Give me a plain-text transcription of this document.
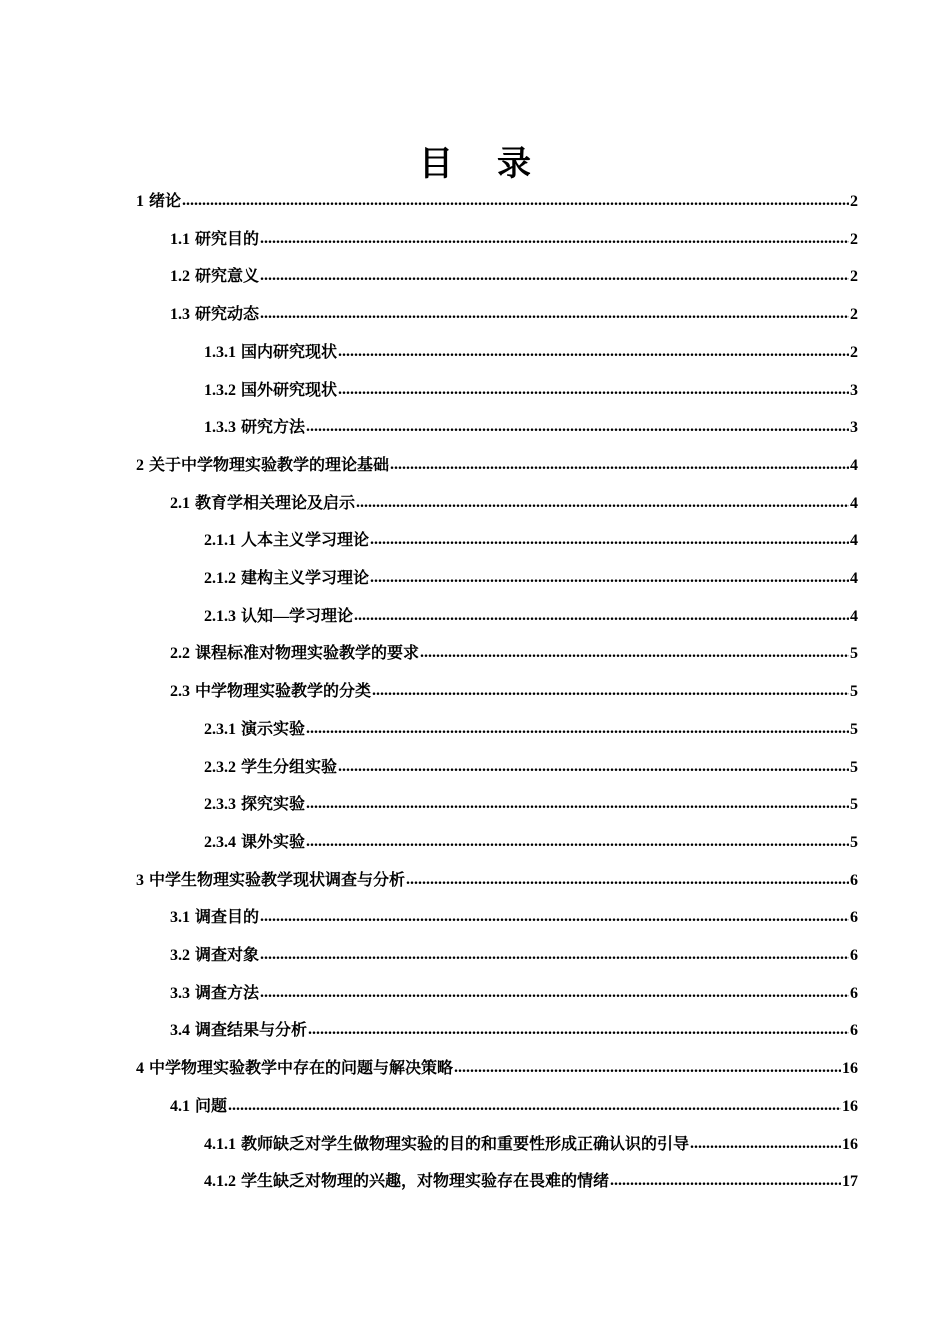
目 录
1 绪论 .....	2
1.1 研究目的 .....	2
1.2 研究意义 .....	2
1.3 研究动态 .....	2
1.3.1 国内研究现状 .....	2
1.3.2 国外研究现状 .....	3
1.3.3 研究方法 .....	3
2 关于中学物理实验教学的理论基础 .....	4
2.1 教育学相关理论及启示 .....	4
2.1.1 人本主义学习理论 .....	4
2.1.2 建构主义学习理论 .....	4
2.1.3 认知—学习理论 .....	4
2.2 课程标准对物理实验教学的要求 .....	5
2.3 中学物理实验教学的分类 .....	5
2.3.1 演示实验 .....	5
2.3.2 学生分组实验 .....	5
2.3.3 探究实验 .....	5
2.3.4 课外实验 .....	5
3 中学生物理实验教学现状调查与分析 .....	6
3.1 调查目的 .....	6
3.2 调查对象 .....	6
3.3 调查方法 .....	6
3.4 调查结果与分析 .....	6
4 中学物理实验教学中存在的问题与解决策略 .....	16
4.1 问题 .....	16
4.1.1 教师缺乏对学生做物理实验的目的和重要性形成正确认识的引导 .....	16
4.1.2 学生缺乏对物理的兴趣，对物理实验存在畏难的情绪 .....	17
